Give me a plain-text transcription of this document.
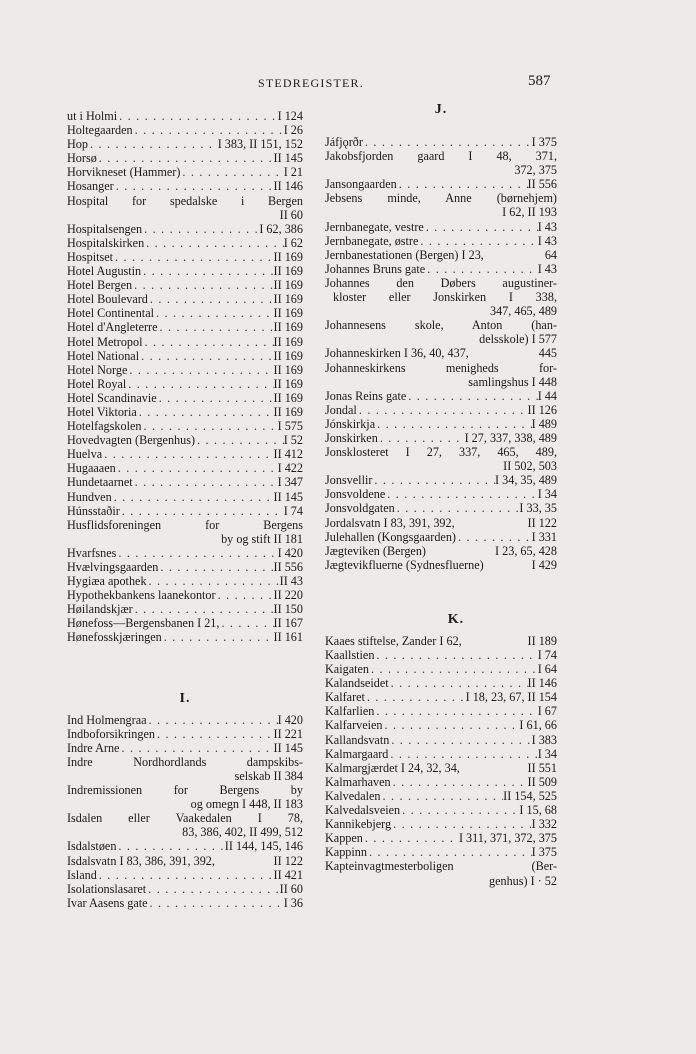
STEDREGISTER.	587
ut i Holmi . . .	I 124
Holtegaarden . . .	I 26
Hop . . .	I 383, II 151, 152
Horsø . . .	II 145
Horvikneset (Hammer) . . .	I 21
Hosanger . . .	II 146
Hospital for spedalske i Bergen
II 60
Hospitalsengen . . .	I 62, 386
Hospitalskirken . . .	I 62
Hospitset . . .	II 169
Hotel Augustin . . .	II 169
Hotel Bergen . . .	II 169
Hotel Boulevard . . .	II 169
Hotel Continental . . .	II 169
Hotel d'Angleterre . . .	II 169
Hotel Metropol . . .	II 169
Hotel National . . .	II 169
Hotel Norge . . .	II 169
Hotel Royal . . .	II 169
Hotel Scandinavie . . .	II 169
Hotel Viktoria . . .	II 169
Hotelfagskolen . . .	I 575
Hovedvagten (Bergenhus) . . .	I 52
Huelva . . .	II 412
Hugaaaen . . .	I 422
Hundetaarnet . . .	I 347
Hundven . . .	II 145
Húnsstaðir . . .	I 74
Husflidsforeningen for Bergens
by og stift II 181
Hvarfsnes . . .	I 420
Hvælvingsgaarden . . .	II 556
Hygiæa apothek . . .	II 43
Hypothekbankens laanekontor . . .	II 220
Høilandskjær . . .	II 150
Hønefoss—Bergensbanen I 21, . . .	II 167
Hønefosskjæringen . . .	II 161
I.
Ind Holmengraa . . .	I 420
Indboforsikringen . . .	II 221
Indre Arne . . .	II 145
Indre Nordhordlands dampskibs-
selskab II 384
Indremissionen for Bergens by
og omegn I 448, II 183
Isdalen eller Vaakedalen I 78,
83, 386, 402, II 499, 512
Isdalstøen . . .	II 144, 145, 146
Isdalsvatn I 83, 386, 391, 392,	II 122
Island . . .	II 421
Isolationslasaret . . .	II 60
Ivar Aasens gate . . .	I 36
J.
Jáfjǫrðr . . .	I 375
Jakobsfjorden gaard I 48, 371,
372, 375
Jansongaarden . . .	II 556
Jebsens minde, Anne (børnehjem)
I 62, II 193
Jernbanegate, vestre . . .	I 43
Jernbanegate, østre . . .	I 43
Jernbanestationen (Bergen) I 23,	64
Johannes Bruns gate . . .	I 43
Johannes den Døbers augustiner-
kloster eller Jonskirken I 338,
347, 465, 489
Johannesens skole, Anton (han-
delsskole) I 577
Johanneskirken I 36, 40, 437,	445
Johanneskirkens menigheds for-
samlingshus I 448
Jonas Reins gate . . .	I 44
Jondal . . .	II 126
Jónskirkja . . .	I 489
Jonskirken . . .	I 27, 337, 338, 489
Jonsklosteret I 27, 337, 465, 489,
II 502, 503
Jonsvellir . . .	I 34, 35, 489
Jonsvoldene . . .	I 34
Jonsvoldgaten . . .	I 33, 35
Jordalsvatn I 83, 391, 392,	II 122
Julehallen (Kongsgaarden) . . .	I 331
Jægteviken (Bergen)	I 23, 65, 428
Jægtevikfluerne (Sydnesfluerne)	I 429
K.
Kaaes stiftelse, Zander I 62,	II 189
Kaallstien . . .	I 74
Kaigaten . . .	I 64
Kalandseidet . . .	II 146
Kalfaret . . .	I 18, 23, 67, II 154
Kalfarlien . . .	I 67
Kalfarveien . . .	I 61, 66
Kallandsvatn . . .	I 383
Kalmargaard . . .	I 34
Kalmargjærdet I 24, 32, 34,	II 551
Kalmarhaven . . .	II 509
Kalvedalen . . .	II 154, 525
Kalvedalsveien . . .	I 15, 68
Kannikebjerg . . .	I 332
Kappen . . .	I 311, 371, 372, 375
Kappinn . . .	I 375
Kapteinvagtmesterboligen (Ber-
genhus) I · 52
